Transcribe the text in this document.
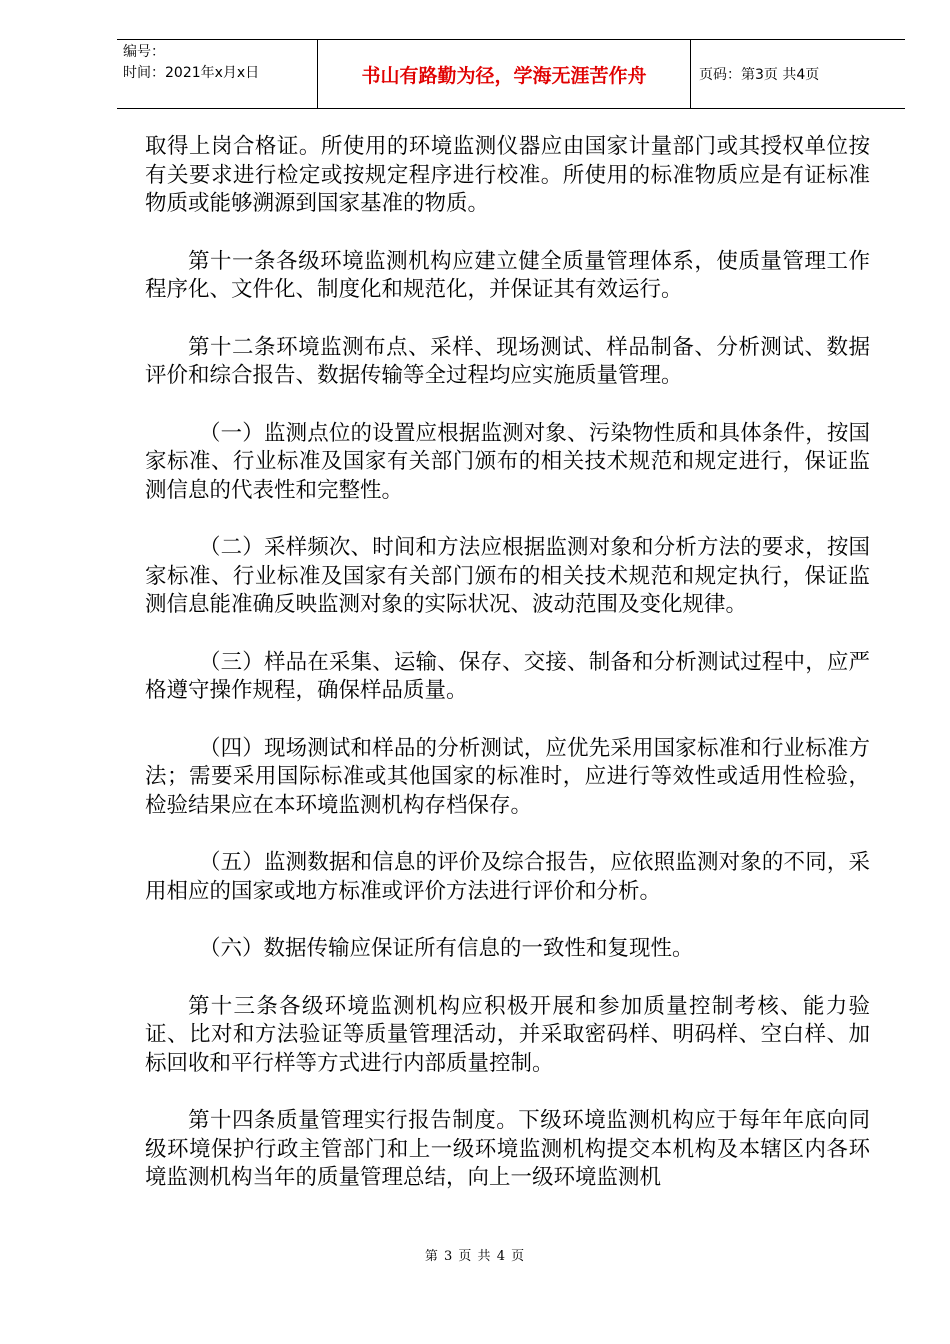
编号：
时间：2021年x月x日	书山有路勤为径，学海无涯苦作舟	页码：第3页 共4页

取得上岗合格证。所使用的环境监测仪器应由国家计量部门或其授权单位按有关要求进行检定或按规定程序进行校准。所使用的标准物质应是有证标准物质或能够溯源到国家基准的物质。

第十一条各级环境监测机构应建立健全质量管理体系，使质量管理工作程序化、文件化、制度化和规范化，并保证其有效运行。

第十二条环境监测布点、采样、现场测试、样品制备、分析测试、数据评价和综合报告、数据传输等全过程均应实施质量管理。

（一）监测点位的设置应根据监测对象、污染物性质和具体条件，按国家标准、行业标准及国家有关部门颁布的相关技术规范和规定进行，保证监测信息的代表性和完整性。

（二）采样频次、时间和方法应根据监测对象和分析方法的要求，按国家标准、行业标准及国家有关部门颁布的相关技术规范和规定执行，保证监测信息能准确反映监测对象的实际状况、波动范围及变化规律。

（三）样品在采集、运输、保存、交接、制备和分析测试过程中，应严格遵守操作规程，确保样品质量。

（四）现场测试和样品的分析测试，应优先采用国家标准和行业标准方法；需要采用国际标准或其他国家的标准时，应进行等效性或适用性检验，检验结果应在本环境监测机构存档保存。

（五）监测数据和信息的评价及综合报告，应依照监测对象的不同，采用相应的国家或地方标准或评价方法进行评价和分析。

（六）数据传输应保证所有信息的一致性和复现性。

第十三条各级环境监测机构应积极开展和参加质量控制考核、能力验证、比对和方法验证等质量管理活动，并采取密码样、明码样、空白样、加标回收和平行样等方式进行内部质量控制。

第十四条质量管理实行报告制度。下级环境监测机构应于每年年底向同级环境保护行政主管部门和上一级环境监测机构提交本机构及本辖区内各环境监测机构当年的质量管理总结，向上一级环境监测机

第 3 页 共 4 页
